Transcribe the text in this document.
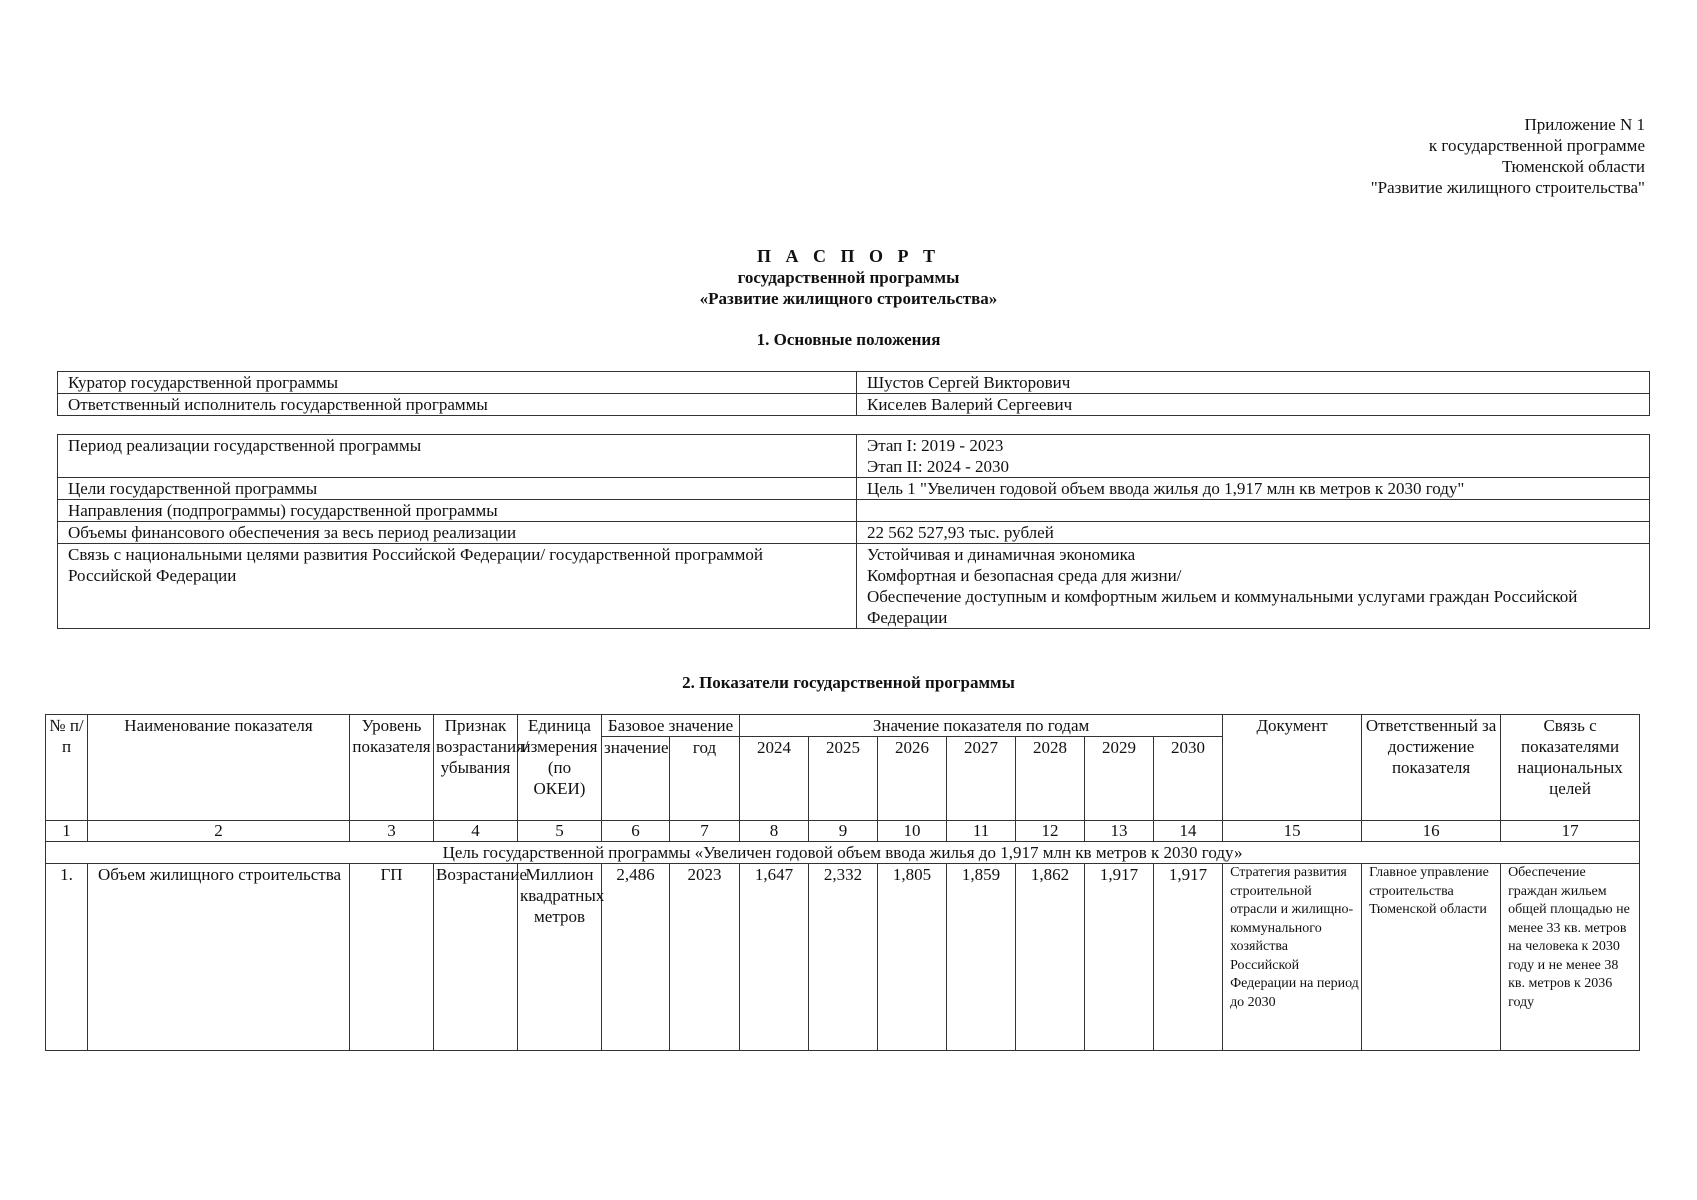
Приложение N 1
к государственной программе
Тюменской области
"Развитие жилищного строительства"
П А С П О Р Т
государственной программы
«Развитие жилищного строительства»
1. Основные положения
Куратор государственной программы	Шустов Сергей Викторович
Ответственный исполнитель государственной программы	Киселев Валерий Сергеевич
Период реализации государственной программы	Этап I: 2019 - 2023
Этап II: 2024 - 2030

Цели государственной программы	Цель 1 "Увеличен годовой объем ввода жилья до 1,917 млн кв метров к 2030 году"
Направления (подпрограммы) государственной программы	
Объемы финансового обеспечения за весь период реализации	22 562 527,93 тыс. рублей
Связь с национальными целями развития Российской Федерации/ государственной программой Российской Федерации	Устойчивая и динамичная экономика
Комфортная и безопасная среда для жизни/
Обеспечение доступным и комфортным жильем и коммунальными услугами граждан Российской Федерации
2. Показатели государственной программы
№ п/п	Наименование показателя	Уровень показателя	Признак возрастания/ убывания	Единица измерения (по ОКЕИ)	Базовое значение		Значение показателя по годам							Документ	Ответственный за достижение показателя	Связь с показателями национальных целей
					значение	год	2024	2025	2026	2027	2028	2029	2030			
1	2	3	4	5	6	7	8	9	10	11	12	13	14	15	16	17
Цель государственной программы «Увеличен годовой объем ввода жилья до 1,917 млн кв метров к 2030 году»																
1.	Объем жилищного строительства	ГП	Возрастание	Миллион квадратных метров	2,486	2023	1,647	2,332	1,805	1,859	1,862	1,917	1,917	Стратегия развития строительной отрасли и жилищно-коммунального хозяйства Российской Федерации на период до 2030	Главное управление строительства Тюменской области	Обеспечение граждан жильем общей площадью не менее 33 кв. метров на человека к 2030 году и не менее 38 кв. метров к 2036 году
